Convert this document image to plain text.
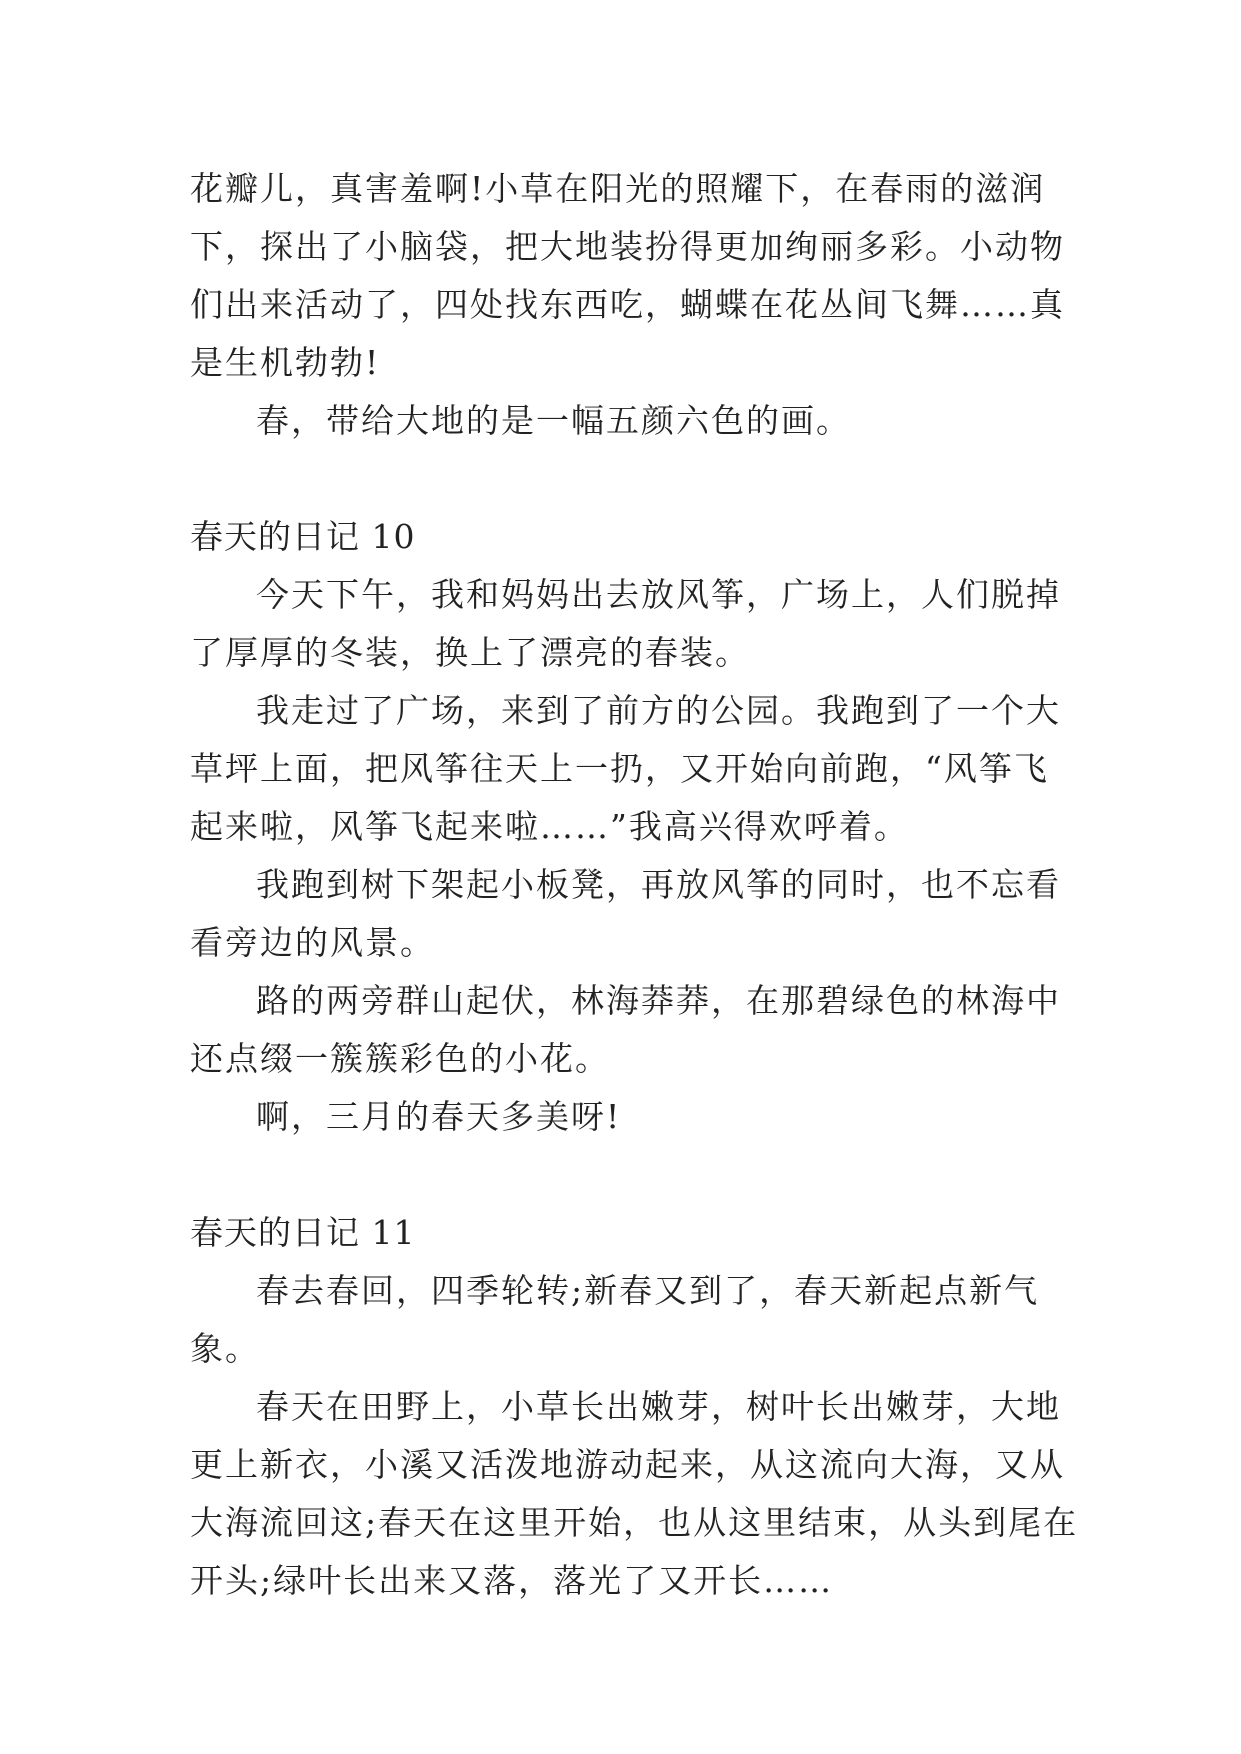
花瓣儿，真害羞啊!小草在阳光的照耀下，在春雨的滋润下，探出了小脑袋，把大地装扮得更加绚丽多彩。小动物们出来活动了，四处找东西吃，蝴蝶在花丛间飞舞……真是生机勃勃!

春，带给大地的是一幅五颜六色的画。

春天的日记 10

今天下午，我和妈妈出去放风筝，广场上，人们脱掉了厚厚的冬装，换上了漂亮的春装。

我走过了广场，来到了前方的公园。我跑到了一个大草坪上面，把风筝往天上一扔，又开始向前跑，“风筝飞起来啦，风筝飞起来啦……”我高兴得欢呼着。

我跑到树下架起小板凳，再放风筝的同时，也不忘看看旁边的风景。

路的两旁群山起伏，林海莽莽，在那碧绿色的林海中还点缀一簇簇彩色的小花。

啊，三月的春天多美呀!

春天的日记 11

春去春回，四季轮转;新春又到了，春天新起点新气象。

春天在田野上，小草长出嫩芽，树叶长出嫩芽，大地更上新衣，小溪又活泼地游动起来，从这流向大海，又从大海流回这;春天在这里开始，也从这里结束，从头到尾在开头;绿叶长出来又落，落光了又开长……
